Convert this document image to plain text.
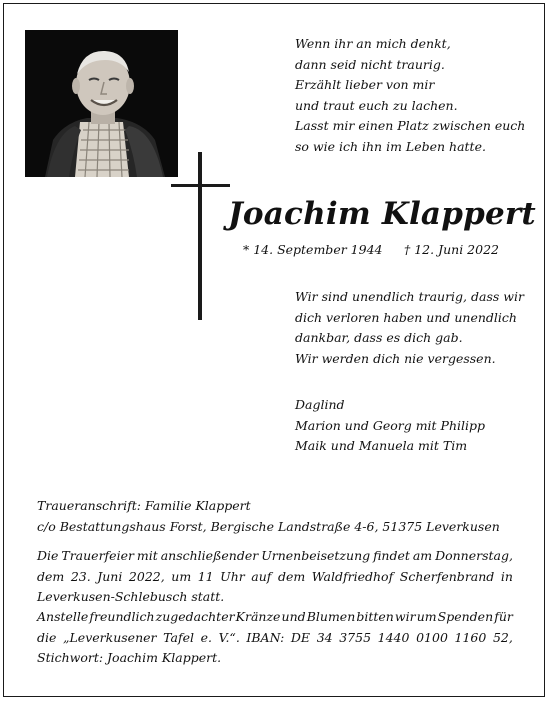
Wenn ihr an mich denkt,
dann seid nicht traurig.
Erzählt lieber von mir
und traut euch zu lachen.
Lasst mir einen Platz zwischen euch
so wie ich ihn im Leben hatte.
Joachim Klappert
* 14. September 1944 † 12. Juni 2022
Wir sind unendlich traurig, dass wir
dich verloren haben und unendlich
dankbar, dass es dich gab.
Wir werden dich nie vergessen.
Daglind
Marion und Georg mit Philipp
Maik und Manuela mit Tim
Traueranschrift: Familie Klappert
c/o Bestattungshaus Forst, Bergische Landstraße 4-6, 51375 Leverkusen
Die Trauerfeier mit anschließender Urnenbeisetzung findet am Donnerstag,
dem 23. Juni 2022, um 11 Uhr auf dem Waldfriedhof Scherfenbrand in
Leverkusen-Schlebusch statt.
Anstelle freundlich zugedachter Kränze und Blumen bitten wir um Spenden für
die „Leverkusener Tafel e. V.“. IBAN: DE 34 3755 1440 0100 1160 52,
Stichwort: Joachim Klappert.
